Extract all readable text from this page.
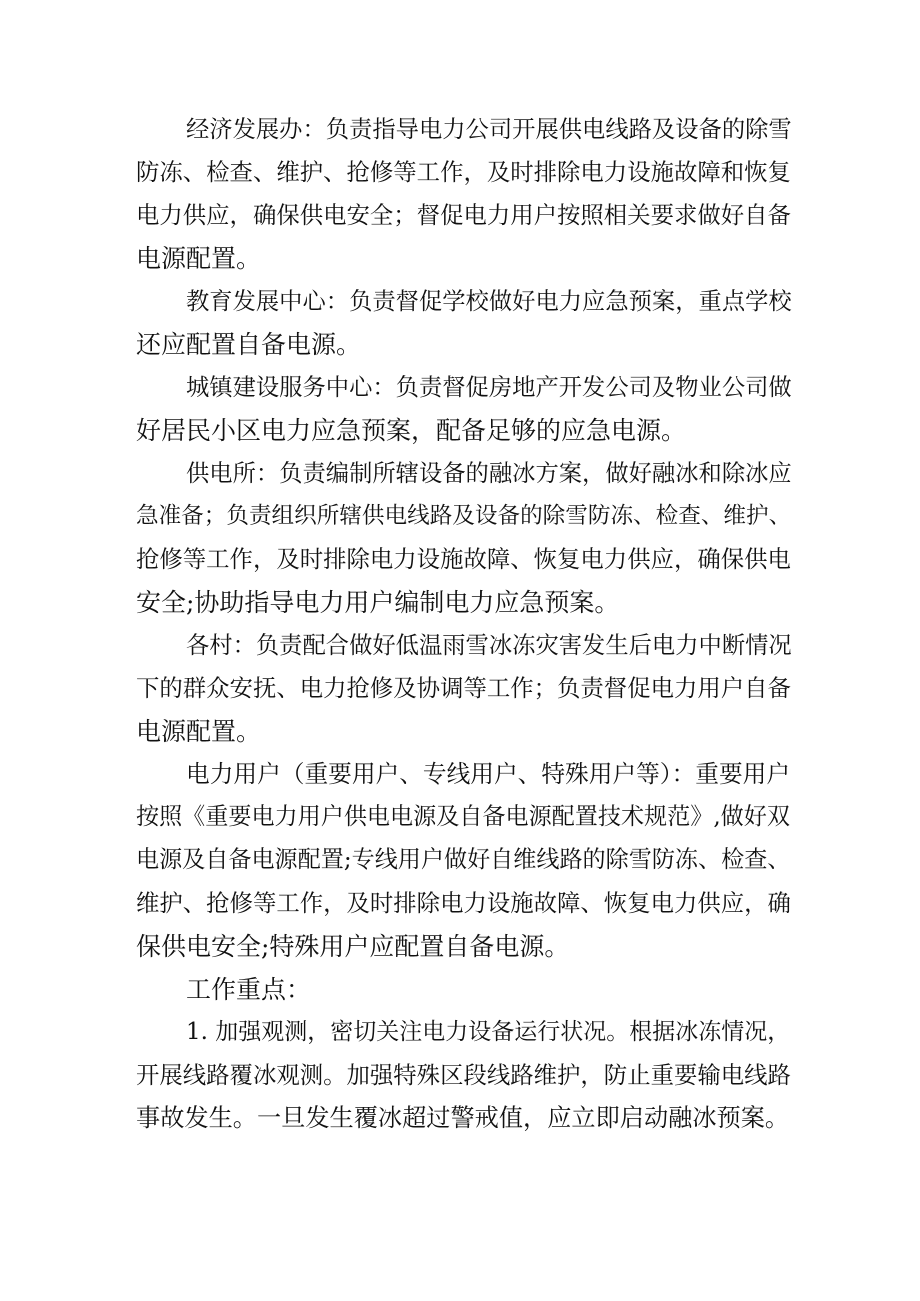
经济发展办：负责指导电力公司开展供电线路及设备的除雪
防冻、检查、维护、抢修等工作，及时排除电力设施故障和恢复
电力供应，确保供电安全；督促电力用户按照相关要求做好自备
电源配置。

教育发展中心：负责督促学校做好电力应急预案，重点学校
还应配置自备电源。

城镇建设服务中心：负责督促房地产开发公司及物业公司做
好居民小区电力应急预案，配备足够的应急电源。

供电所：负责编制所辖设备的融冰方案，做好融冰和除冰应
急准备；负责组织所辖供电线路及设备的除雪防冻、检查、维护、
抢修等工作，及时排除电力设施故障、恢复电力供应，确保供电
安全;协助指导电力用户编制电力应急预案。

各村：负责配合做好低温雨雪冰冻灾害发生后电力中断情况
下的群众安抚、电力抢修及协调等工作；负责督促电力用户自备
电源配置。

电力用户（重要用户、专线用户、特殊用户等）：重要用户
按照《重要电力用户供电电源及自备电源配置技术规范》,做好双
电源及自备电源配置;专线用户做好自维线路的除雪防冻、检查、
维护、抢修等工作，及时排除电力设施故障、恢复电力供应，确
保供电安全;特殊用户应配置自备电源。

工作重点：

1. 加强观测，密切关注电力设备运行状况。根据冰冻情况，
开展线路覆冰观测。加强特殊区段线路维护，防止重要输电线路
事故发生。一旦发生覆冰超过警戒值，应立即启动融冰预案。
